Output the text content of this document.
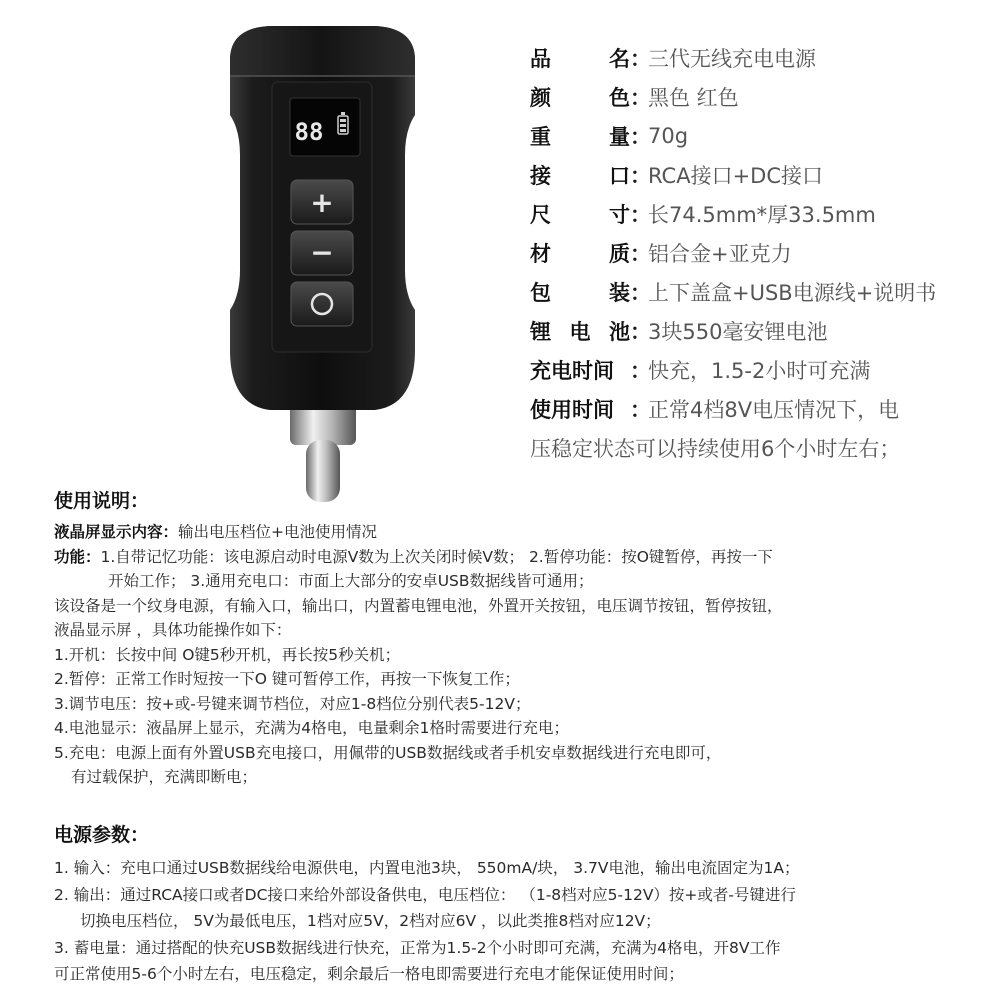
88
+
−
品	名 ：
三代无线充电电源
颜	色 ：
黑色 红色
重	量 ：
70g
接	口 ：
RCA接口+DC接口
尺	寸 ：
长74.5mm*厚33.5mm
材	质 ：
铝合金+亚克力
包	装 ：
上下盖盒+USB电源线+说明书
锂 电 池 ：
3块550毫安锂电池
充电时间 ：
快充，1.5-2小时可充满
使用时间 ：
正常4档8V电压情况下，电
压稳定状态可以持续使用6个小时左右；
使用说明：
液晶屏显示内容：输出电压档位+电池使用情况
功能：1.自带记忆功能：该电源启动时电源V数为上次关闭时候V数； 2.暂停功能：按O键暂停，再按一下
开始工作； 3.通用充电口：市面上大部分的安卓USB数据线皆可通用；
该设备是一个纹身电源，有输入口，输出口，内置蓄电锂电池，外置开关按钮，电压调节按钮，暂停按钮，
液晶显示屏 ，具体功能操作如下：
1.开机：长按中间 O键5秒开机，再长按5秒关机；
2.暂停：正常工作时短按一下O 键可暂停工作，再按一下恢复工作；
3.调节电压：按+或-号键来调节档位，对应1-8档位分别代表5-12V；
4.电池显示：液晶屏上显示，充满为4格电，电量剩余1格时需要进行充电；
5.充电：电源上面有外置USB充电接口，用佩带的USB数据线或者手机安卓数据线进行充电即可，
有过载保护，充满即断电；
电源参数：
1. 输入：充电口通过USB数据线给电源供电，内置电池3块， 550mA/块， 3.7V电池，输出电流固定为1A；
2. 输出：通过RCA接口或者DC接口来给外部设备供电，电压档位： （1-8档对应5-12V）按+或者-号键进行
切换电压档位， 5V为最低电压，1档对应5V，2档对应6V ，以此类推8档对应12V；
3. 蓄电量：通过搭配的快充USB数据线进行快充，正常为1.5-2个小时即可充满，充满为4格电，开8V工作
可正常使用5-6个小时左右，电压稳定，剩余最后一格电即需要进行充电才能保证使用时间；
